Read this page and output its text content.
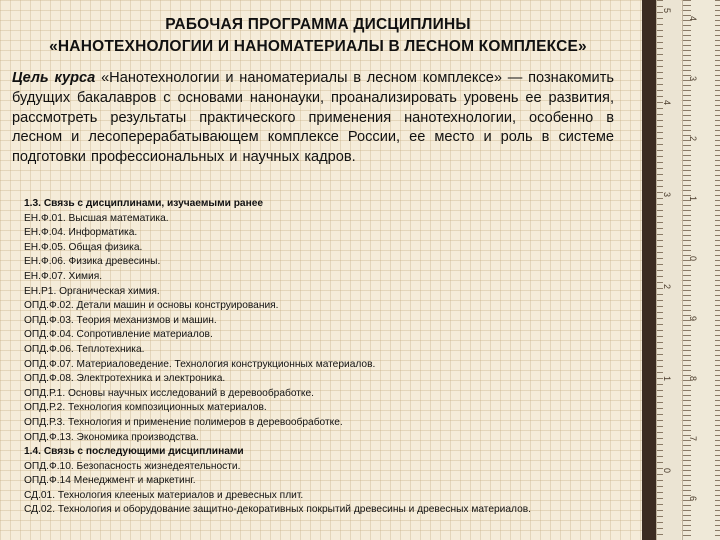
РАБОЧАЯ ПРОГРАММА ДИСЦИПЛИНЫ
«НАНОТЕХНОЛОГИИ И НАНОМАТЕРИАЛЫ В ЛЕСНОМ КОМПЛЕКСЕ»
Цель курса «Нанотехнологии и наноматериалы в лесном комплексе» — познакомить будущих бакалавров с основами нанонауки, проанализировать уровень ее развития, рассмотреть результаты практического применения нанотехнологии, особенно в лесном и лесоперерабатывающем комплексе России, ее место и роль в системе подготовки профессиональных и научных кадров.
1.3. Связь с дисциплинами, изучаемыми ранее
ЕН.Ф.01. Высшая математика.
ЕН.Ф.04. Информатика.
ЕН.Ф.05. Общая физика.
ЕН.Ф.06. Физика древесины.
ЕН.Ф.07. Химия.
ЕН.Р1. Органическая химия.
ОПД.Ф.02. Детали машин и основы конструирования.
ОПД.Ф.03. Теория механизмов и машин.
ОПД.Ф.04. Сопротивление материалов.
ОПД.Ф.06. Теплотехника.
ОПД.Ф.07. Материаловедение. Технология конструкционных материалов.
ОПД.Ф.08. Электротехника и электроника.
ОПД.Р.1. Основы научных исследований в деревообработке.
ОПД.Р.2. Технология композиционных материалов.
ОПД.Р.3. Технология и применение полимеров в деревообработке.
ОПД.Ф.13. Экономика производства.
1.4. Связь с последующими дисциплинами
ОПД.Ф.10. Безопасность жизнедеятельности.
ОПД.Ф.14 Менеджмент и маркетинг.
СД.01. Технология клееных материалов и древесных плит.
СД.02. Технология и оборудование защитно-декоративных покрытий древесины и древесных материалов.
5
4
3
2
1
0
4
3
2
1
0
9
8
7
6
